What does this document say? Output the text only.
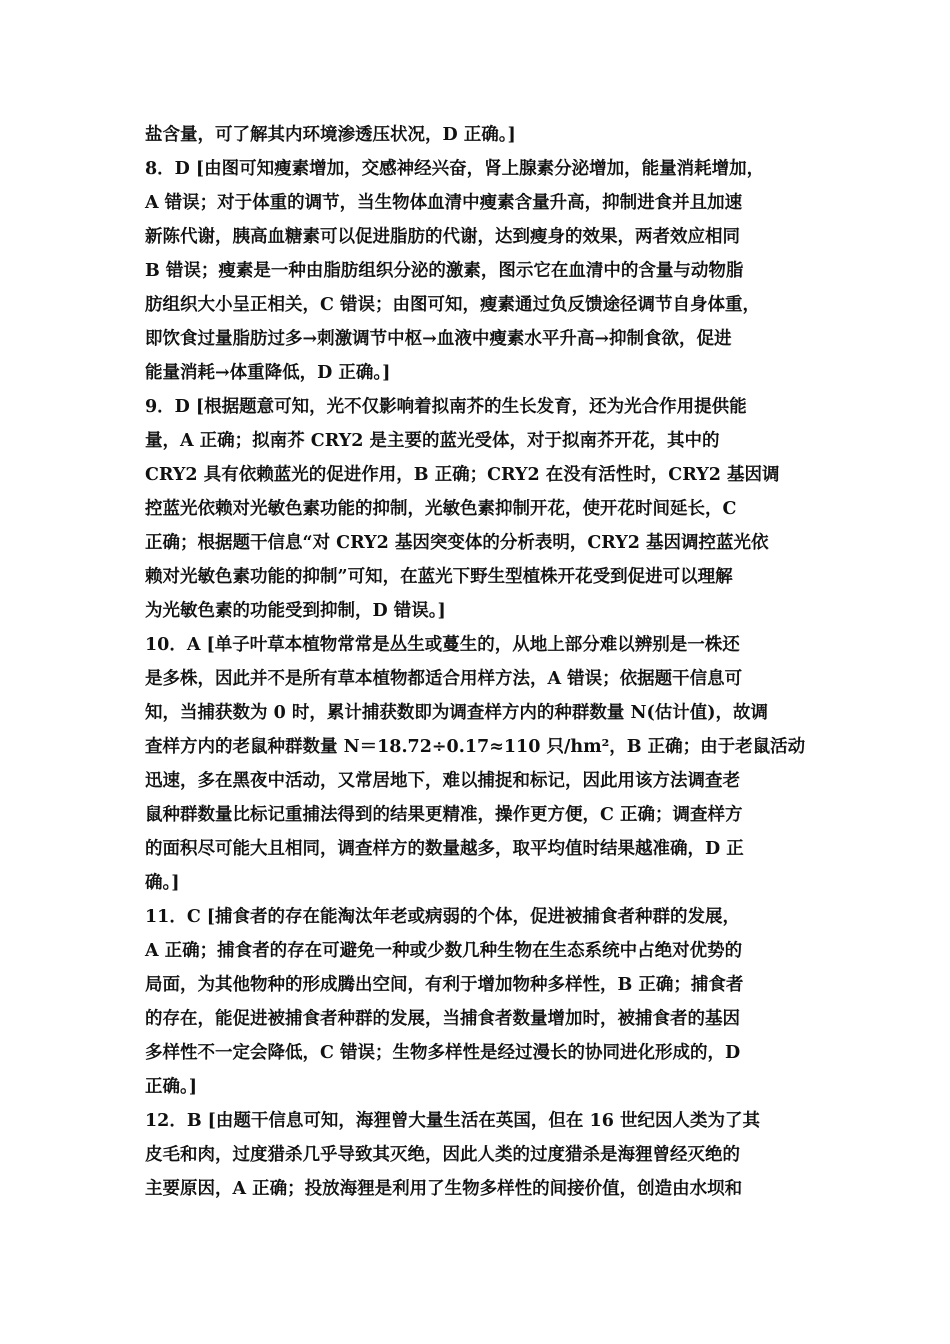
盐含量，可了解其内环境渗透压状况，D 正确。]
8．D [由图可知瘦素增加，交感神经兴奋，肾上腺素分泌增加，能量消耗增加，
A 错误；对于体重的调节，当生物体血清中瘦素含量升高，抑制进食并且加速
新陈代谢，胰高血糖素可以促进脂肪的代谢，达到瘦身的效果，两者效应相同
B 错误；瘦素是一种由脂肪组织分泌的激素，图示它在血清中的含量与动物脂
肪组织大小呈正相关，C 错误；由图可知，瘦素通过负反馈途径调节自身体重，
即饮食过量脂肪过多→刺激调节中枢→血液中瘦素水平升高→抑制食欲，促进
能量消耗→体重降低，D 正确。]
9．D [根据题意可知，光不仅影响着拟南芥的生长发育，还为光合作用提供能
量，A 正确；拟南芥 CRY2 是主要的蓝光受体，对于拟南芥开花，其中的
CRY2 具有依赖蓝光的促进作用，B 正确；CRY2 在没有活性时，CRY2 基因调
控蓝光依赖对光敏色素功能的抑制，光敏色素抑制开花，使开花时间延长，C
正确；根据题干信息“对 CRY2 基因突变体的分析表明，CRY2 基因调控蓝光依
赖对光敏色素功能的抑制”可知，在蓝光下野生型植株开花受到促进可以理解
为光敏色素的功能受到抑制，D 错误。]
10．A [单子叶草本植物常常是丛生或蔓生的，从地上部分难以辨别是一株还
是多株，因此并不是所有草本植物都适合用样方法，A 错误；依据题干信息可
知，当捕获数为 0 时，累计捕获数即为调查样方内的种群数量 N(估计值)，故调
查样方内的老鼠种群数量 N＝18.72÷0.17≈110 只/hm²，B 正确；由于老鼠活动
迅速，多在黑夜中活动，又常居地下，难以捕捉和标记，因此用该方法调查老
鼠种群数量比标记重捕法得到的结果更精准，操作更方便，C 正确；调查样方
的面积尽可能大且相同，调查样方的数量越多，取平均值时结果越准确，D 正
确。]
11．C [捕食者的存在能淘汰年老或病弱的个体，促进被捕食者种群的发展，
A 正确；捕食者的存在可避免一种或少数几种生物在生态系统中占绝对优势的
局面，为其他物种的形成腾出空间，有利于增加物种多样性，B 正确；捕食者
的存在，能促进被捕食者种群的发展，当捕食者数量增加时，被捕食者的基因
多样性不一定会降低，C 错误；生物多样性是经过漫长的协同进化形成的，D
正确。]
12．B [由题干信息可知，海狸曾大量生活在英国，但在 16 世纪因人类为了其
皮毛和肉，过度猎杀几乎导致其灭绝，因此人类的过度猎杀是海狸曾经灭绝的
主要原因，A 正确；投放海狸是利用了生物多样性的间接价值，创造由水坝和
